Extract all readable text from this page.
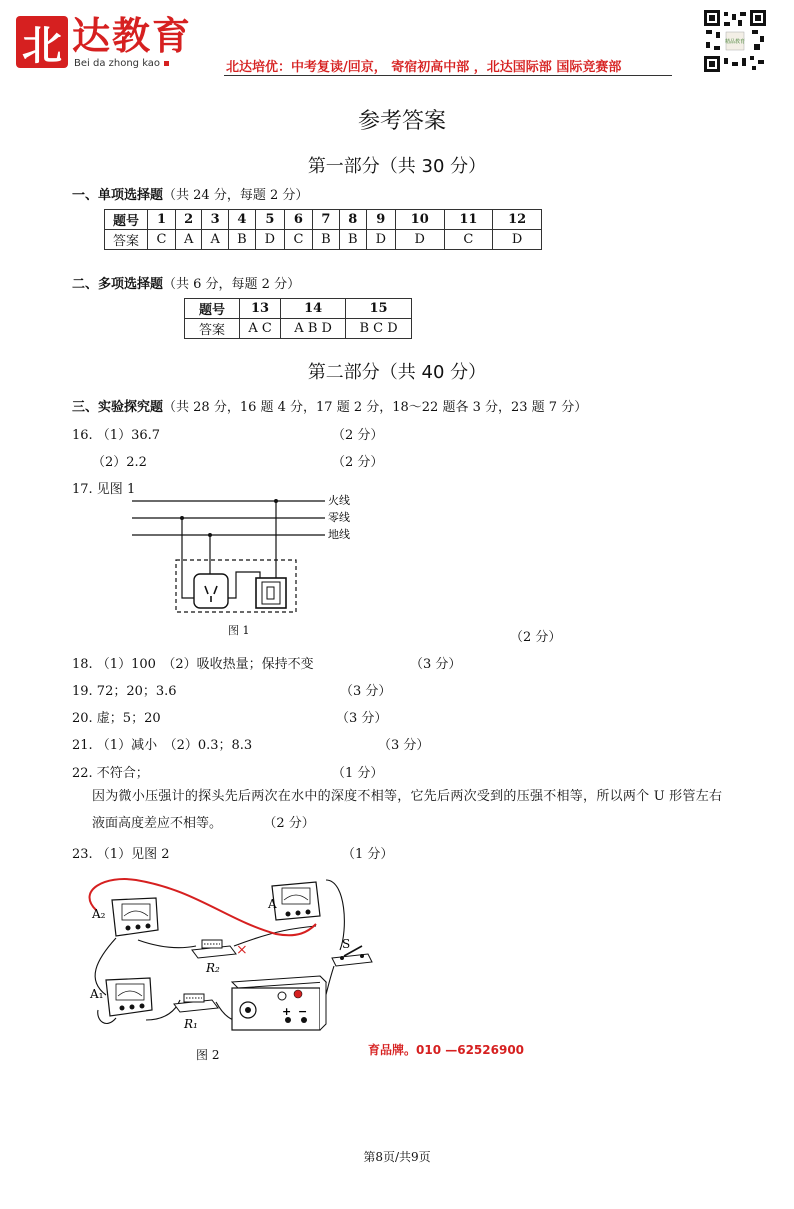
北 达教育
Bei da zhong kao	北达培优：中考复读/回京， 寄宿初高中部 ，北达国际部 国际竞赛部
精品教育
参考答案
第一部分（共 30 分）
一、单项选择题（共 24 分，每题 2 分）
题号	1	2	3	4	5	6	7	8	9	10	11	12
答案	C	A	A	B	D	C	B	B	D	D	C	D
二、多项选择题（共 6 分，每题 2 分）
题号	13	14	15
答案	A C	A B D	B C D
第二部分（共 40 分）
三、实验探究题（共 28 分，16 题 4 分，17 题 2 分，18～22 题各 3 分，23 题 7 分）
16. （1）36.7	（2 分）
（2）2.2	（2 分）
17. 见图 1
火线
零线
地线
图 1	（2 分）
18. （1）100　（2）吸收热量；保持不变	（3 分）
19. 72；20；3.6	（3 分）
20. 虚；5；20	（3 分）
21. （1）减小　（2）0.3；8.3	（3 分）
22. 不符合；	（1 分）
因为微小压强计的探头先后两次在水中的深度不相等，它先后两次受到的压强不相等，所以两个 U 形管左右液面高度差应不相等。	（2 分）
23. （1）见图 2	（1 分）
×
+ −
A₂
A
A₁
R₂
R₁
S
图 2	育品牌。010 —62526900
第8页/共9页
